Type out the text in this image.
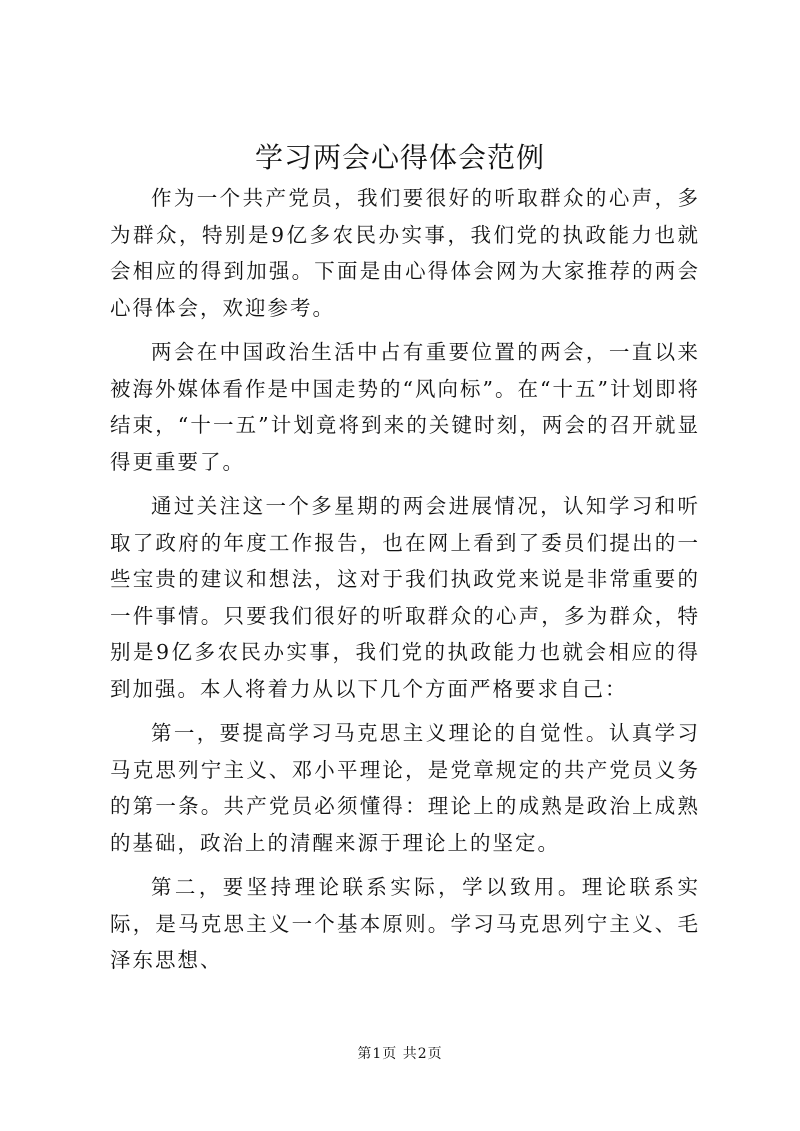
学习两会心得体会范例

作为一个共产党员，我们要很好的听取群众的心声，多为群众，特别是9亿多农民办实事，我们党的执政能力也就会相应的得到加强。下面是由心得体会网为大家推荐的两会心得体会，欢迎参考。

两会在中国政治生活中占有重要位置的两会，一直以来被海外媒体看作是中国走势的“风向标”。在“十五”计划即将结束，“十一五”计划竟将到来的关键时刻，两会的召开就显得更重要了。

通过关注这一个多星期的两会进展情况，认知学习和听取了政府的年度工作报告，也在网上看到了委员们提出的一些宝贵的建议和想法，这对于我们执政党来说是非常重要的一件事情。只要我们很好的听取群众的心声，多为群众，特别是9亿多农民办实事，我们党的执政能力也就会相应的得到加强。本人将着力从以下几个方面严格要求自己：

第一，要提高学习马克思主义理论的自觉性。认真学习马克思列宁主义、邓小平理论，是党章规定的共产党员义务的第一条。共产党员必须懂得：理论上的成熟是政治上成熟的基础，政治上的清醒来源于理论上的坚定。

第二，要坚持理论联系实际，学以致用。理论联系实际，是马克思主义一个基本原则。学习马克思列宁主义、毛泽东思想、

第1页 共2页
